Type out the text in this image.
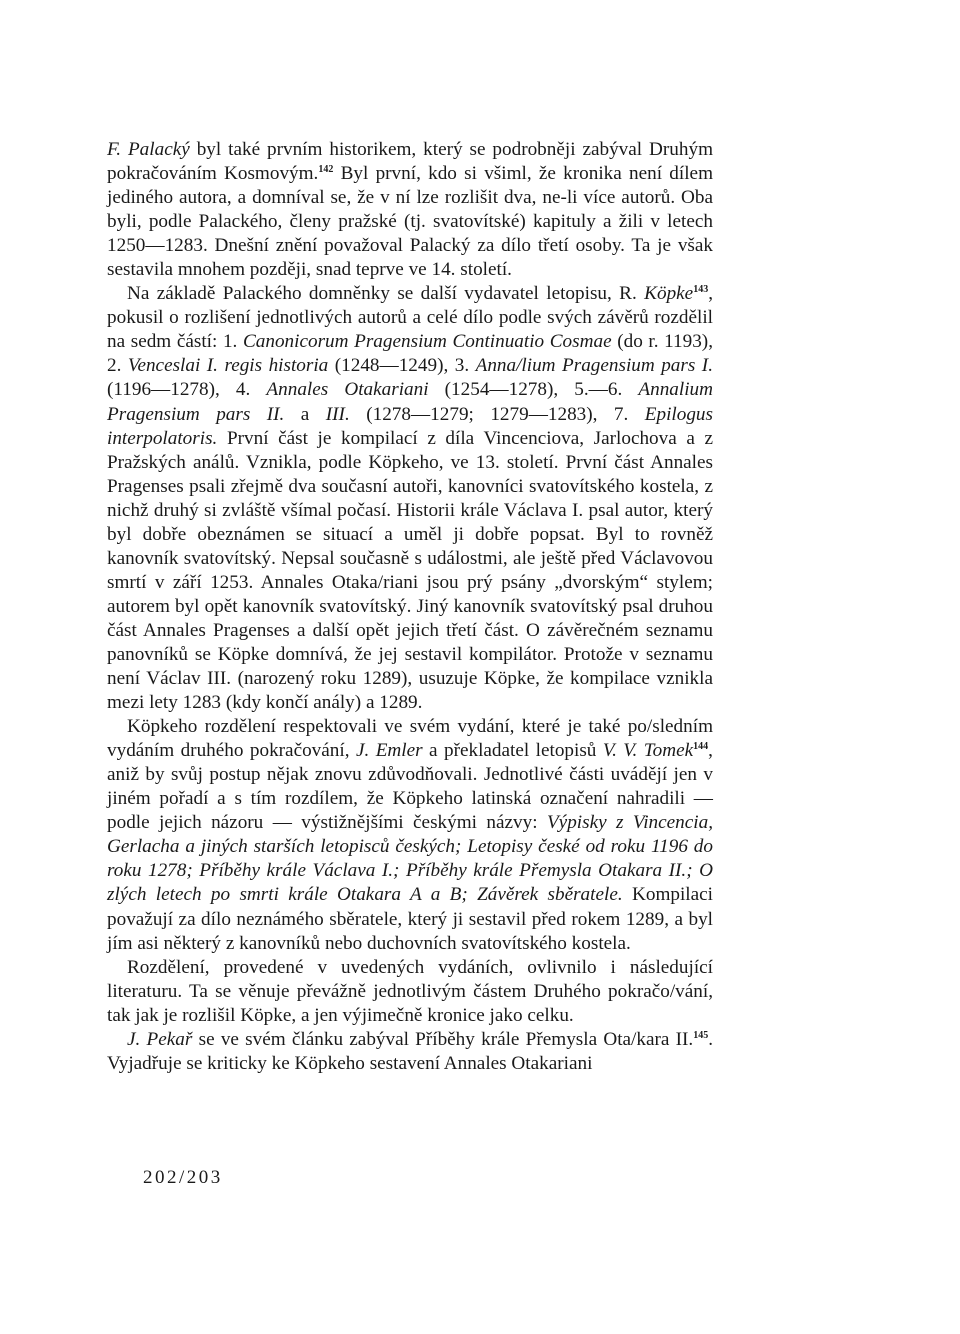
F. Palacký byl také prvním historikem, který se podrobněji zabýval Druhým pokračováním Kosmovým.$^{142}$ Byl první, kdo si všiml, že kronika není dílem jediného autora, a domníval se, že v ní lze rozlišit dva, ne-li více autorů. Oba byli, podle Palackého, členy pražské (tj. svatovítské) kapituly a žili v letech 1250—1283. Dnešní znění považoval Palacký za dílo třetí osoby. Ta je však sestavila mnohem později, snad teprve ve 14. století.

Na základě Palackého domněnky se další vydavatel letopisu, R. Köpke$^{143}$, pokusil o rozlišení jednotlivých autorů a celé dílo podle svých závěrů rozdělil na sedm částí: 1. Canonicorum Pragensium Continuatio Cosmae (do r. 1193), 2. Venceslai I. regis historia (1248—1249), 3. Anna/lium Pragensium pars I. (1196—1278), 4. Annales Otakariani (1254—1278), 5.—6. Annalium Pragensium pars II. a III. (1278—1279; 1279—1283), 7. Epilogus interpolatoris. První část je kompilací z díla Vincenciova, Jarlochova a z Pražských análů. Vznikla, podle Köpkeho, ve 13. století. První část Annales Pragenses psali zřejmě dva současní autoři, kanovníci svatovítského kostela, z nichž druhý si zvláště všímal počasí. Historii krále Václava I. psal autor, který byl dobře obeznámen se situací a uměl ji dobře popsat. Byl to rovněž kanovník svatovítský. Nepsal současně s událostmi, ale ještě před Václavovou smrtí v září 1253. Annales Otaka/riani jsou prý psány „dvorským“ stylem; autorem byl opět kanovník svatovítský. Jiný kanovník svatovítský psal druhou část Annales Pragenses a další opět jejich třetí část. O závěrečném seznamu panovníků se Köpke domnívá, že jej sestavil kompilátor. Protože v seznamu není Václav III. (narozený roku 1289), usuzuje Köpke, že kompilace vznikla mezi lety 1283 (kdy končí anály) a 1289.

Köpkeho rozdělení respektovali ve svém vydání, které je také po/sledním vydáním druhého pokračování, J. Emler a překladatel letopisů V. V. Tomek$^{144}$, aniž by svůj postup nějak znovu zdůvodňovali. Jednotlivé části uvádějí jen v jiném pořadí a s tím rozdílem, že Köpkeho latinská označení nahradili — podle jejich názoru — výstižnějšími českými názvy: Výpisky z Vincencia, Gerlacha a jiných starších letopisců českých; Letopisy české od roku 1196 do roku 1278; Příběhy krále Václava I.; Příběhy krále Přemysla Otakara II.; O zlých letech po smrti krále Otakara A a B; Závěrek sběratele. Kompilaci považují za dílo neznámého sběratele, který ji sestavil před rokem 1289, a byl jím asi některý z kanovníků nebo duchovních svatovítského kostela.

Rozdělení, provedené v uvedených vydáních, ovlivnilo i následující literaturu. Ta se věnuje převážně jednotlivým částem Druhého pokračo/vání, tak jak je rozlišil Köpke, a jen výjimečně kronice jako celku.

J. Pekař se ve svém článku zabýval Příběhy krále Přemysla Ota/kara II.$^{145}$. Vyjadřuje se kriticky ke Köpkeho sestavení Annales Otakariani

202/203
